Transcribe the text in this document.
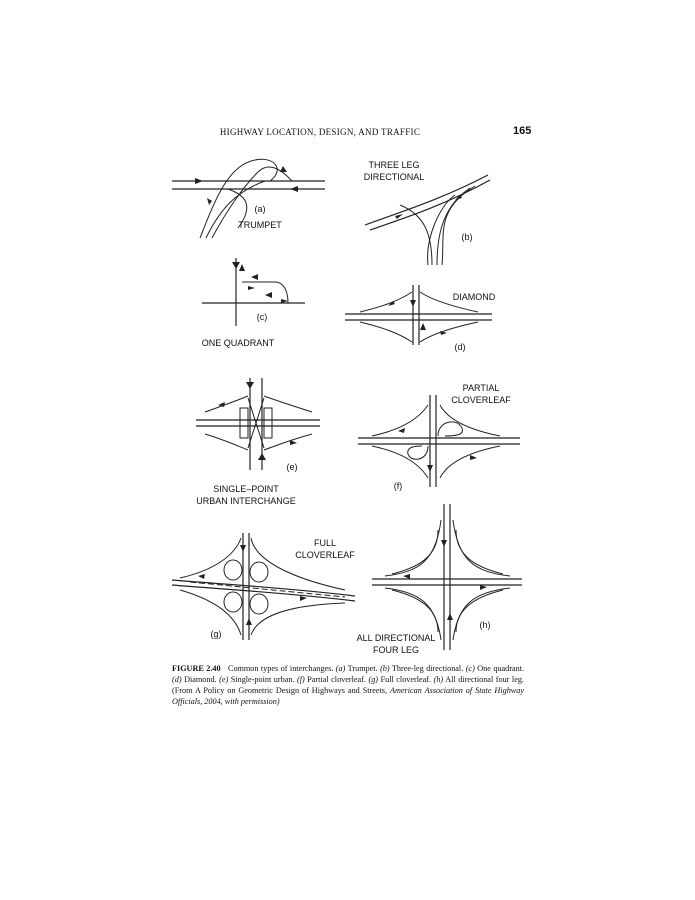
HIGHWAY LOCATION, DESIGN, AND TRAFFIC	165
(a)
TRUMPET
THREE LEG
DIRECTIONAL
(b)
(c)
ONE QUADRANT
DIAMOND
(d)
(e)
SINGLE–POINT
URBAN INTERCHANGE
PARTIAL
CLOVERLEAF
(f)
FULL
CLOVERLEAF
(g)
(h)
ALL DIRECTIONAL
FOUR LEG
FIGURE 2.40 Common types of interchanges. (a) Trumpet. (b) Three-leg directional. (c) One quadrant. (d) Diamond. (e) Single-point urban. (f) Partial cloverleaf. (g) Full cloverleaf. (h) All directional four leg. (From A Policy on Geometric Design of Highways and Streets, American Association of State Highway Officials, 2004, with permission)
